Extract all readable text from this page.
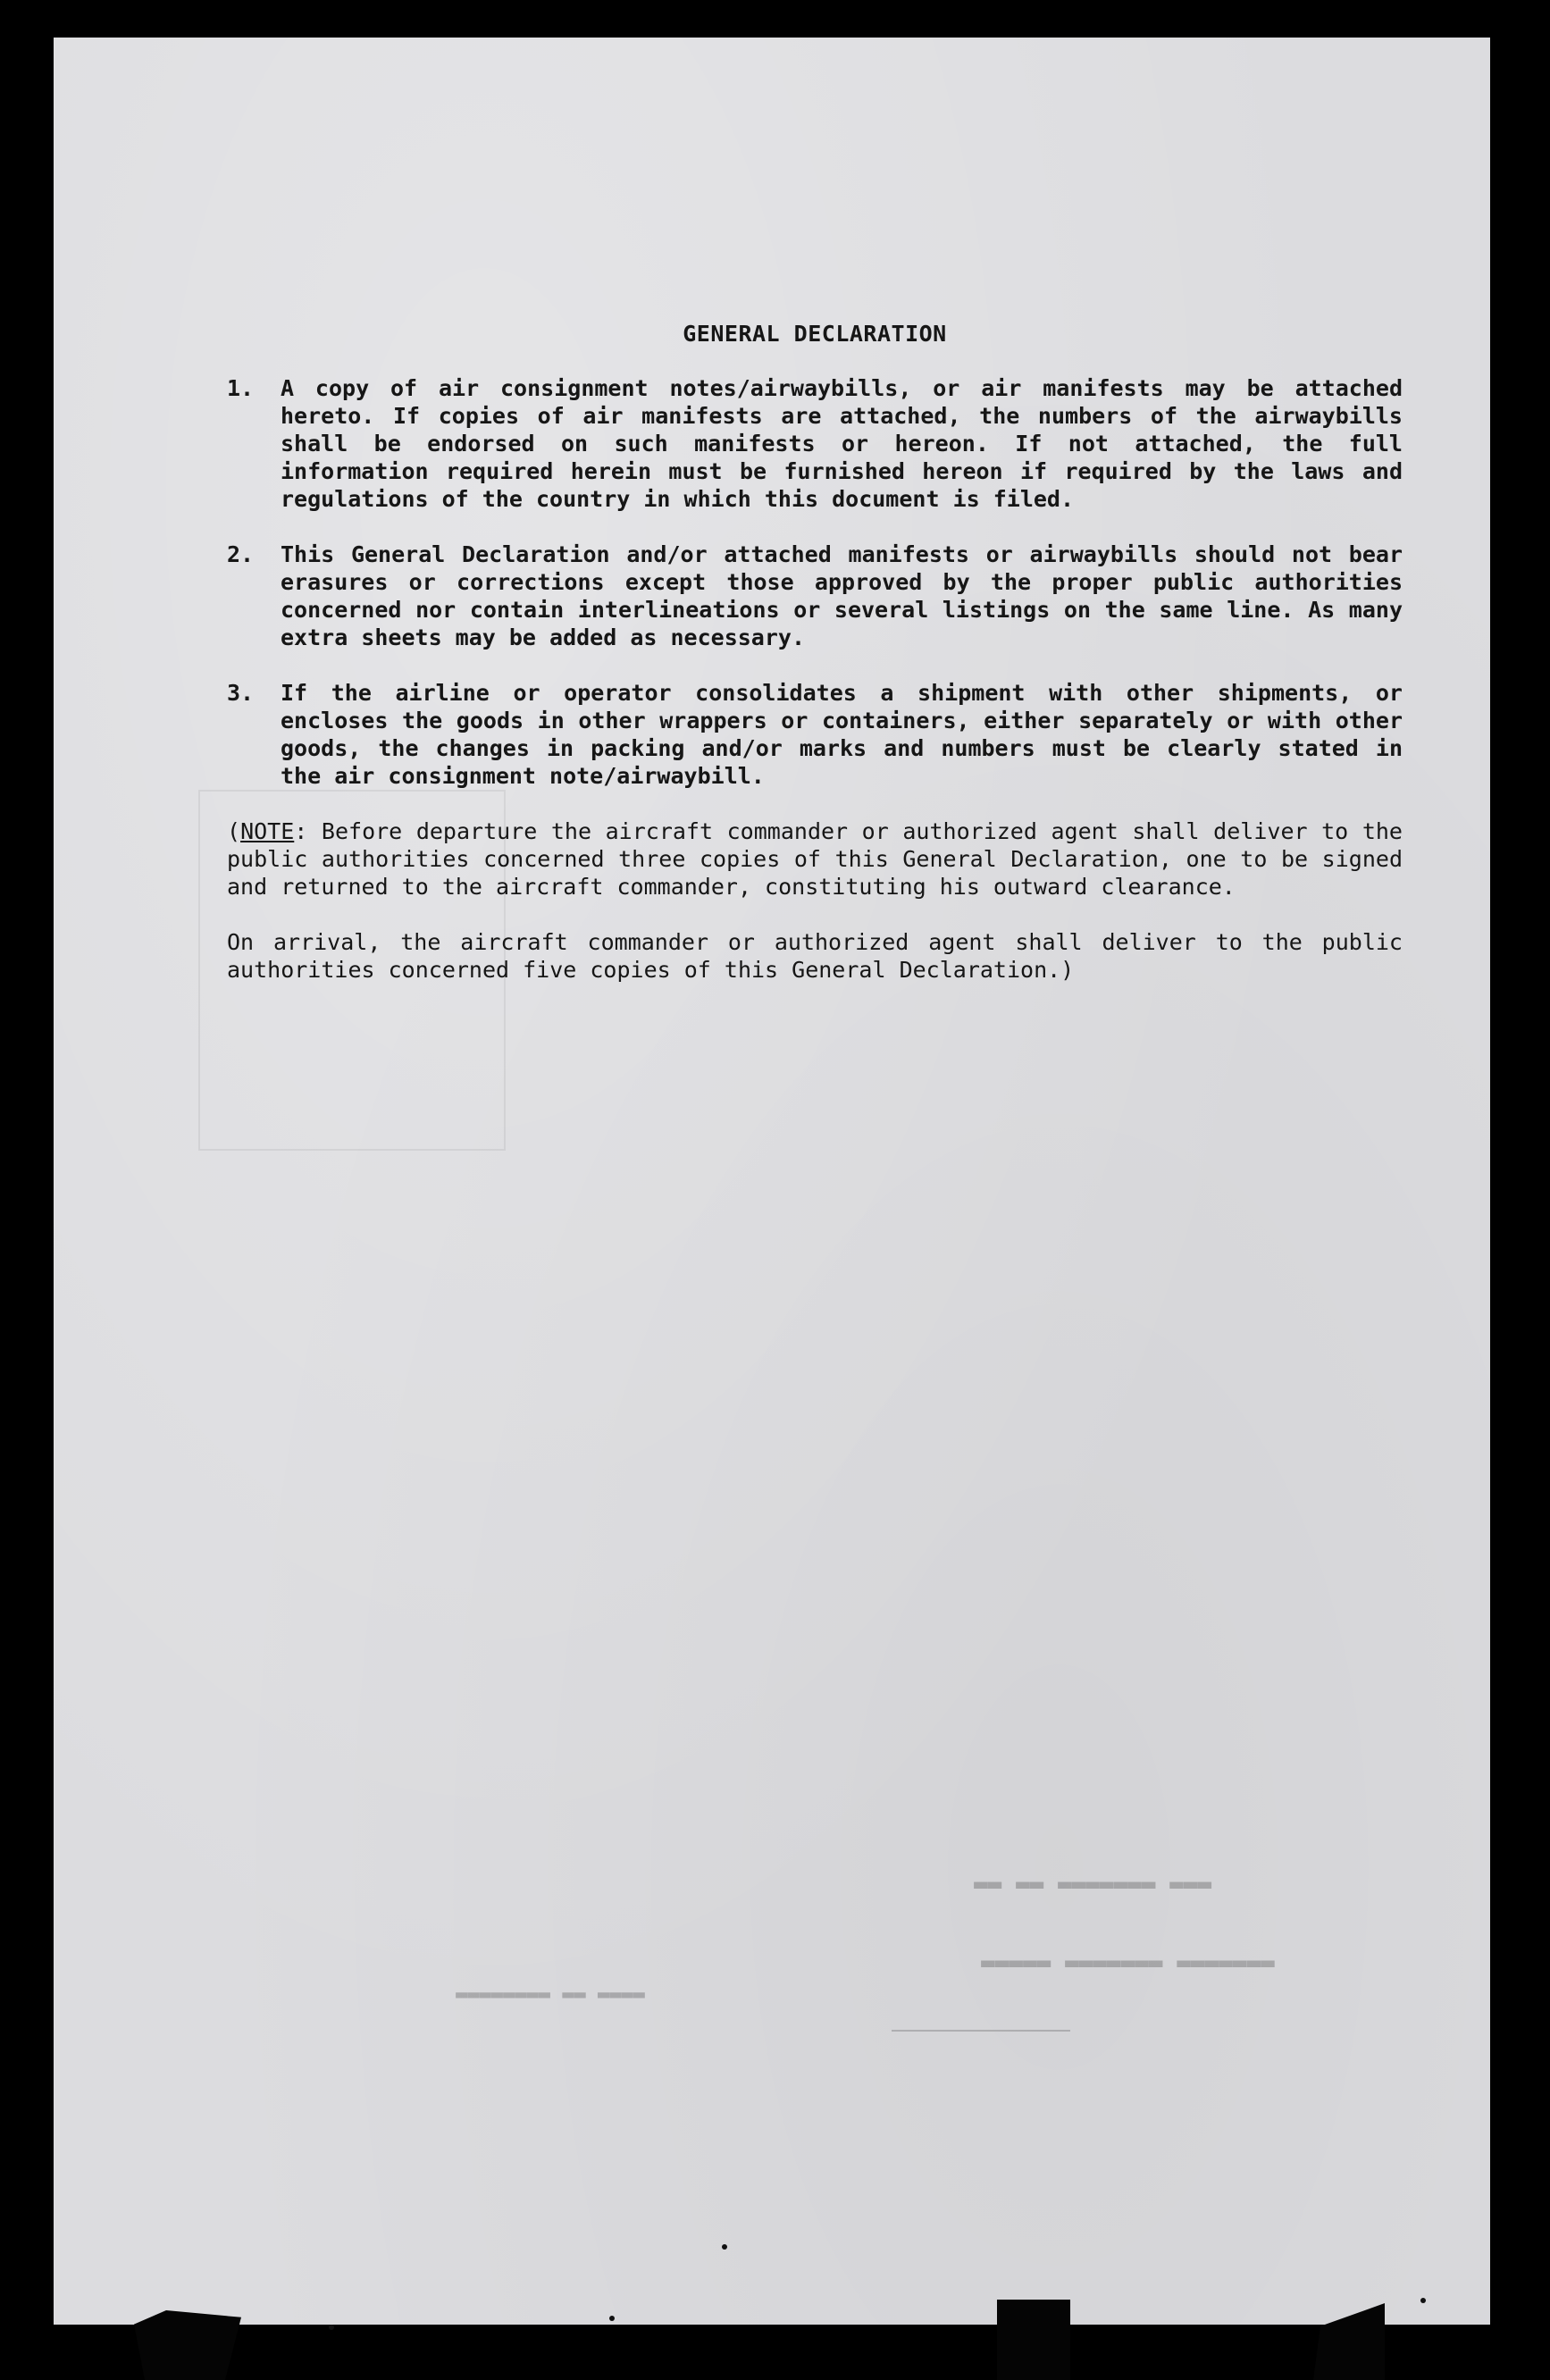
▬▬▬ ▬▬▬▬▬▬▬ ▬▬ ▬▬
▬▬▬▬▬▬▬ ▬▬▬▬▬▬▬ ▬▬▬▬▬
▬▬▬▬ ▬▬ ▬▬▬▬▬▬▬▬
GENERAL DECLARATION
1.	A copy of air consignment notes/airwaybills, or air manifests may be attached hereto. If copies of air manifests are attached, the numbers of the airwaybills shall be endorsed on such manifests or hereon. If not attached, the full information required herein must be furnished hereon if required by the laws and regulations of the country in which this document is filed.
2.	This General Declaration and/or attached manifests or airwaybills should not bear erasures or corrections except those approved by the proper public authorities concerned nor contain interlineations or several listings on the same line. As many extra sheets may be added as necessary.
3.	If the airline or operator consolidates a shipment with other shipments, or encloses the goods in other wrappers or containers, either separately or with other goods, the changes in packing and/or marks and numbers must be clearly stated in the air consignment note/airwaybill.

(NOTE: Before departure the aircraft commander or authorized agent shall deliver to the public authorities concerned three copies of this General Declaration, one to be signed and returned to the aircraft commander, constituting his outward clearance.

On arrival, the aircraft commander or authorized agent shall deliver to the public authorities concerned five copies of this General Declaration.)
